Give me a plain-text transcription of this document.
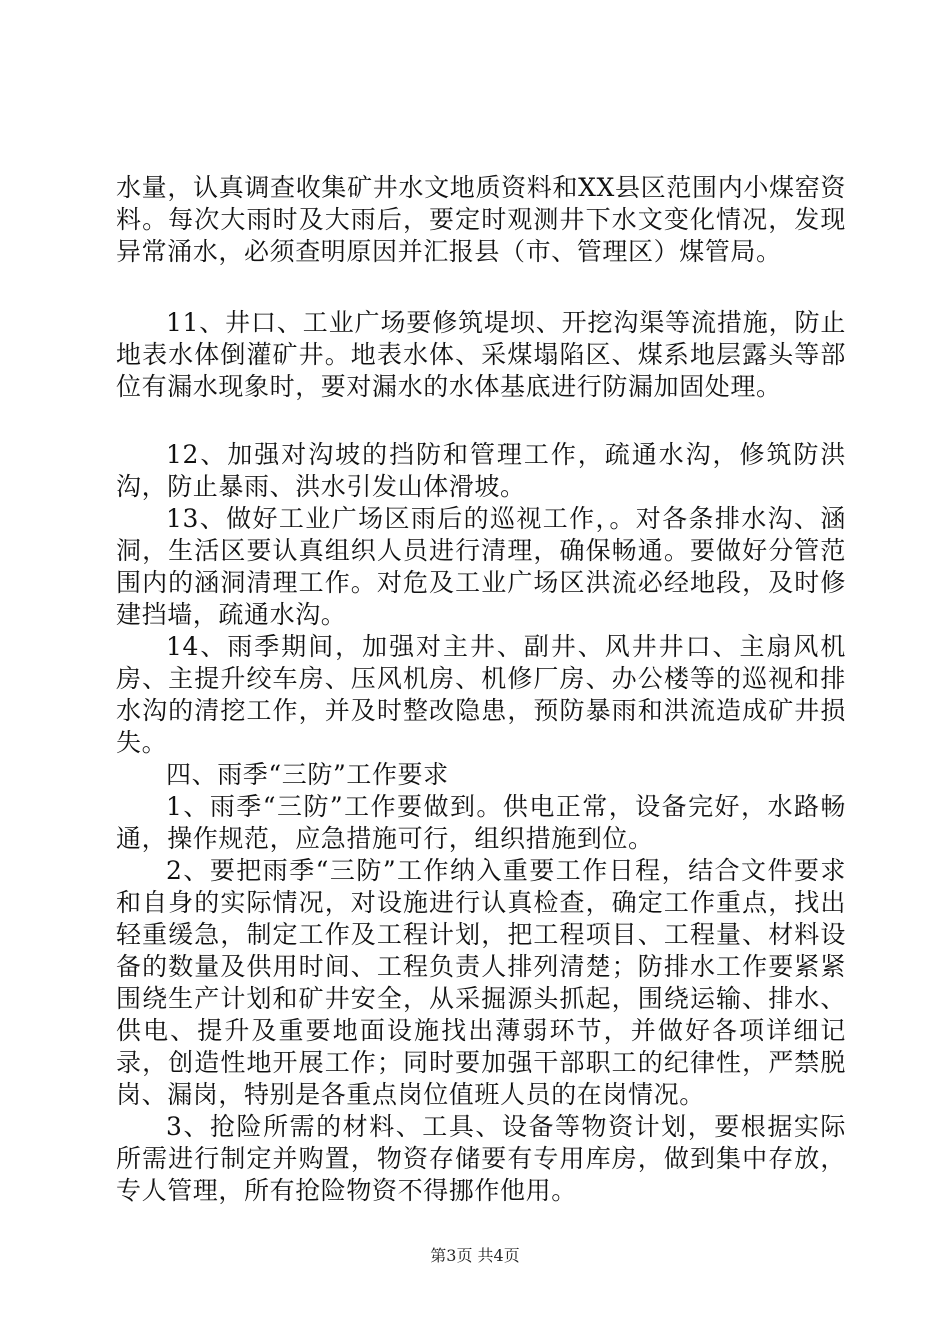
水量，认真调查收集矿井水文地质资料和XX县区范围内小煤窑资料。每次大雨时及大雨后，要定时观测井下水文变化情况，发现异常涌水，必须查明原因并汇报县（市、管理区）煤管局。

11、井口、工业广场要修筑堤坝、开挖沟渠等流措施，防止地表水体倒灌矿井。地表水体、采煤塌陷区、煤系地层露头等部位有漏水现象时，要对漏水的水体基底进行防漏加固处理。

12、加强对沟坡的挡防和管理工作，疏通水沟，修筑防洪沟，防止暴雨、洪水引发山体滑坡。

13、做好工业广场区雨后的巡视工作，。对各条排水沟、涵洞，生活区要认真组织人员进行清理，确保畅通。要做好分管范围内的涵洞清理工作。对危及工业广场区洪流必经地段，及时修建挡墙，疏通水沟。

14、雨季期间，加强对主井、副井、风井井口、主扇风机房、主提升绞车房、压风机房、机修厂房、办公楼等的巡视和排水沟的清挖工作，并及时整改隐患，预防暴雨和洪流造成矿井损失。

四、雨季“三防”工作要求

1、雨季“三防”工作要做到。供电正常，设备完好，水路畅通，操作规范，应急措施可行，组织措施到位。

2、要把雨季“三防”工作纳入重要工作日程，结合文件要求和自身的实际情况，对设施进行认真检查，确定工作重点，找出轻重缓急，制定工作及工程计划，把工程项目、工程量、材料设备的数量及供用时间、工程负责人排列清楚；防排水工作要紧紧围绕生产计划和矿井安全，从采掘源头抓起，围绕运输、排水、供电、提升及重要地面设施找出薄弱环节，并做好各项详细记录，创造性地开展工作；同时要加强干部职工的纪律性，严禁脱岗、漏岗，特别是各重点岗位值班人员的在岗情况。

3、抢险所需的材料、工具、设备等物资计划，要根据实际所需进行制定并购置，物资存储要有专用库房，做到集中存放，专人管理，所有抢险物资不得挪作他用。

第3页 共4页
